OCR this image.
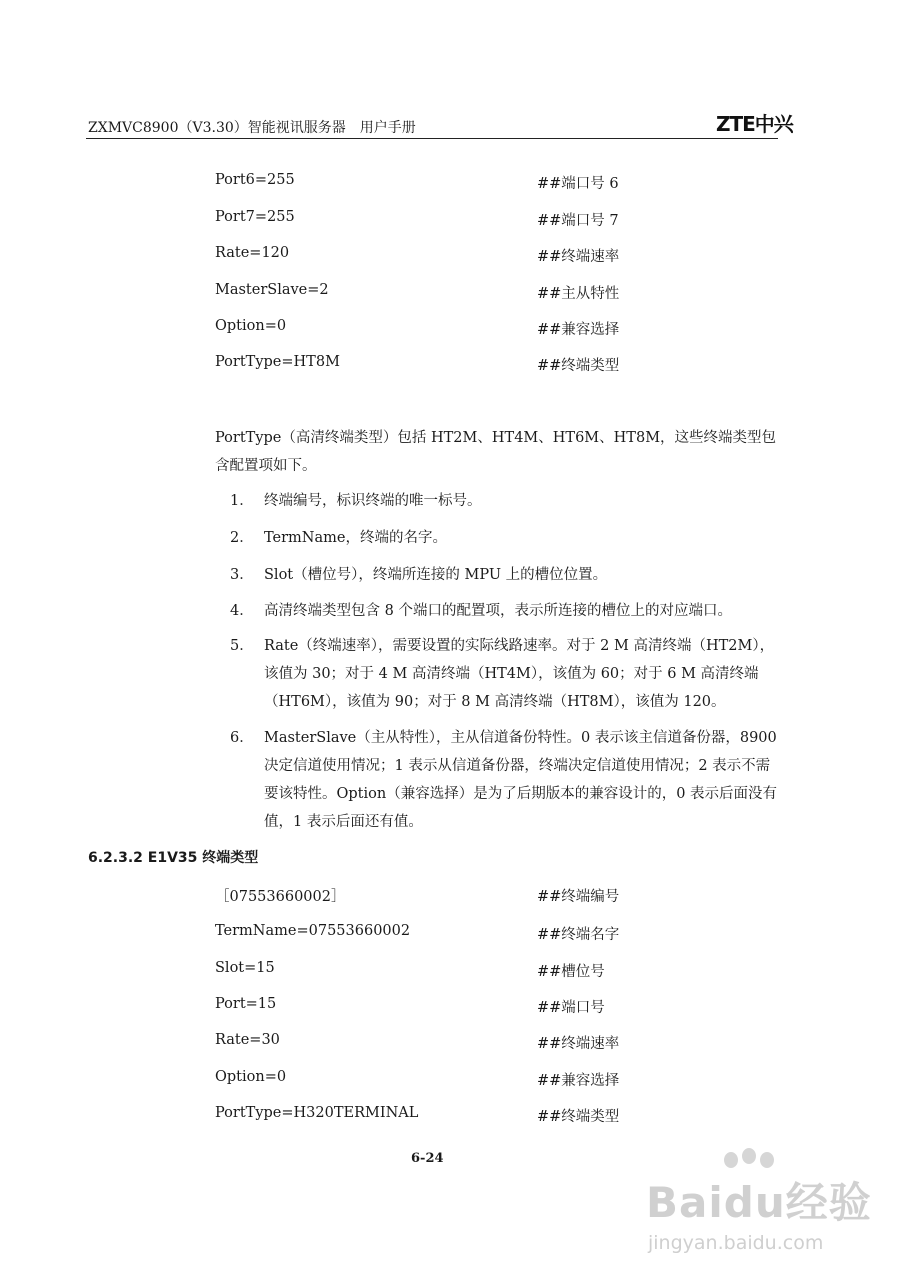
ZXMVC8900（V3.30）智能视讯服务器　用户手册	ZTE中兴
Port6=255	##端口号 6
Port7=255	##端口号 7
Rate=120	##终端速率
MasterSlave=2	##主从特性
Option=0	##兼容选择
PortType=HT8M	##终端类型
PortType（高清终端类型）包括 HT2M、HT4M、HT6M、HT8M，这些终端类型包含配置项如下。
1． 终端编号，标识终端的唯一标号。
2． TermName，终端的名字。
3． Slot（槽位号），终端所连接的 MPU 上的槽位位置。
4． 高清终端类型包含 8 个端口的配置项，表示所连接的槽位上的对应端口。
5． Rate（终端速率），需要设置的实际线路速率。对于 2 M 高清终端（HT2M），该值为 30；对于 4 M 高清终端（HT4M），该值为 60；对于 6 M 高清终端（HT6M），该值为 90；对于 8 M 高清终端（HT8M），该值为 120。
6． MasterSlave（主从特性），主从信道备份特性。0 表示该主信道备份器，8900 决定信道使用情况；1 表示从信道备份器，终端决定信道使用情况；2 表示不需要该特性。Option（兼容选择）是为了后期版本的兼容设计的，0 表示后面没有值，1 表示后面还有值。
6.2.3.2 E1V35 终端类型
［07553660002］	##终端编号
TermName=07553660002	##终端名字
Slot=15	##槽位号
Port=15	##端口号
Rate=30	##终端速率
Option=0	##兼容选择
PortType=H320TERMINAL	##终端类型
6-24
Baidu经验
jingyan.baidu.com
